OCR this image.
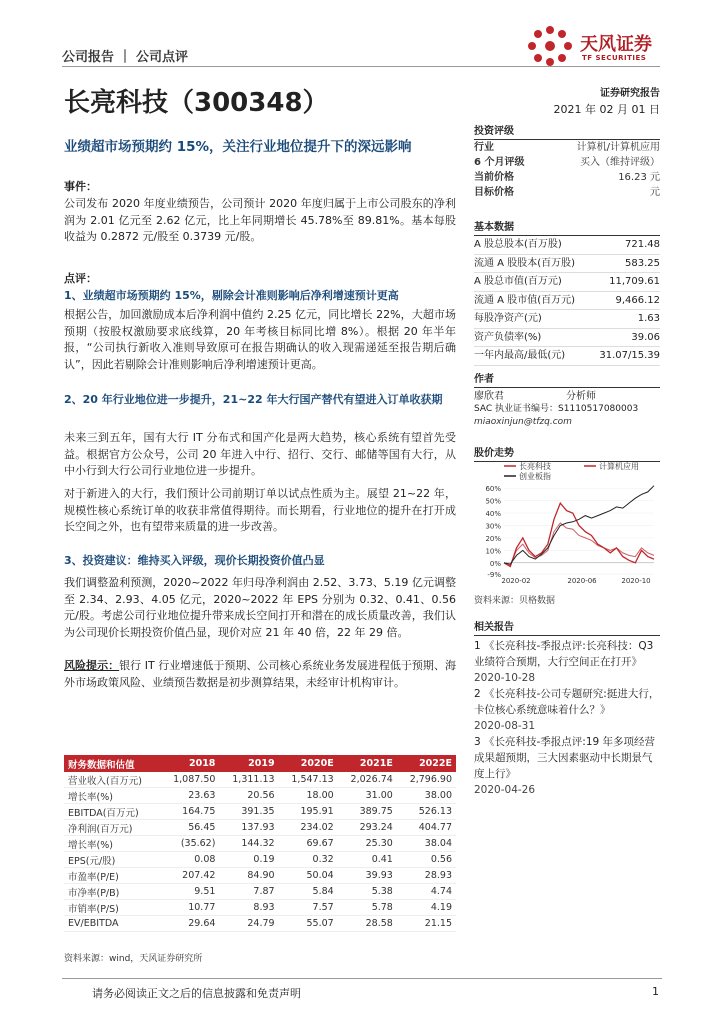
公司报告 ｜ 公司点评
天风证券
TF SECURITIES
长亮科技（300348）	证券研究报告
2021 年 02 月 01 日
业绩超市场预期约 15%，关注行业地位提升下的深远影响
事件：
公司发布 2020 年度业绩预告，公司预计 2020 年度归属于上市公司股东的净利润为 2.01 亿元至 2.62 亿元，比上年同期增长 45.78%至 89.81%。基本每股收益为 0.2872 元/股至 0.3739 元/股。
点评：
1、业绩超市场预期约 15%，剔除会计准则影响后净利增速预计更高
根据公告，加回激励成本后净利润中值约 2.25 亿元，同比增长 22%，大超市场预期（按股权激励要求底线算，20 年考核目标同比增 8%）。根据 20 年半年报，“公司执行新收入准则导致原可在报告期确认的收入现需递延至报告期后确认”，因此若剔除会计准则影响后净利增速预计更高。
2、20 年行业地位进一步提升，21~22 年大行国产替代有望进入订单收获期
未来三到五年，国有大行 IT 分布式和国产化是两大趋势，核心系统有望首先受益。根据官方公众号，公司 20 年进入中行、招行、交行、邮储等国有大行，从中小行到大行公司行业地位进一步提升。
对于新进入的大行，我们预计公司前期订单以试点性质为主。展望 21~22 年，规模性核心系统订单的收获非常值得期待。而长期看，行业地位的提升在打开成长空间之外，也有望带来质量的进一步改善。
3、投资建议：维持买入评级，现价长期投资价值凸显
我们调整盈利预测，2020~2022 年归母净利润由 2.52、3.73、5.19 亿元调整至 2.34、2.93、4.05 亿元，2020~2022 年 EPS 分别为 0.32、0.41、0.56 元/股。考虑公司行业地位提升带来成长空间打开和潜在的成长质量改善，我们认为公司现价长期投资价值凸显，现价对应 21 年 40 倍，22 年 29 倍。
风险提示：银行 IT 行业增速低于预期、公司核心系统业务发展进程低于预期、海外市场政策风险、业绩预告数据是初步测算结果，未经审计机构审计。
投资评级
行业	计算机/计算机应用
6 个月评级	买入（维持评级）
当前价格	16.23 元
目标价格	元
基本数据
A 股总股本(百万股)	721.48
流通 A 股股本(百万股)	583.25
A 股总市值(百万元)	11,709.61
流通 A 股市值(百万元)	9,466.12
每股净资产(元)	1.63
资产负债率(%)	39.06
一年内最高/最低(元)	31.07/15.39
作者
廖欣君	分析师
SAC 执业证书编号：S1110517080003
miaoxinjun@tfzq.com
股价走势
长亮科技	计算机应用
创业板指
-9%
0%
10%
20%
30%
40%
50%
60%
2020-02	2020-06	2020-10
资料来源：贝格数据
相关报告
1 《长亮科技-季报点评:长亮科技：Q3 业绩符合预期，大行空间正在打开》
2020-10-28
2 《长亮科技-公司专题研究:挺进大行，卡位核心系统意味着什么？》
2020-08-31
3 《长亮科技-季报点评:19 年多项经营成果超预期，三大因素驱动中长期景气度上行》
2020-04-26
财务数据和估值	2018	2019	2020E	2021E	2022E
营业收入(百万元)	1,087.50	1,311.13	1,547.13	2,026.74	2,796.90
增长率(%)	23.63	20.56	18.00	31.00	38.00
EBITDA(百万元)	164.75	391.35	195.91	389.75	526.13
净利润(百万元)	56.45	137.93	234.02	293.24	404.77
增长率(%)	(35.62)	144.32	69.67	25.30	38.04
EPS(元/股)	0.08	0.19	0.32	0.41	0.56
市盈率(P/E)	207.42	84.90	50.04	39.93	28.93
市净率(P/B)	9.51	7.87	5.84	5.38	4.74
市销率(P/S)	10.77	8.93	7.57	5.78	4.19
EV/EBITDA	29.64	24.79	55.07	28.58	21.15
资料来源：wind，天风证券研究所
请务必阅读正文之后的信息披露和免责声明	1
